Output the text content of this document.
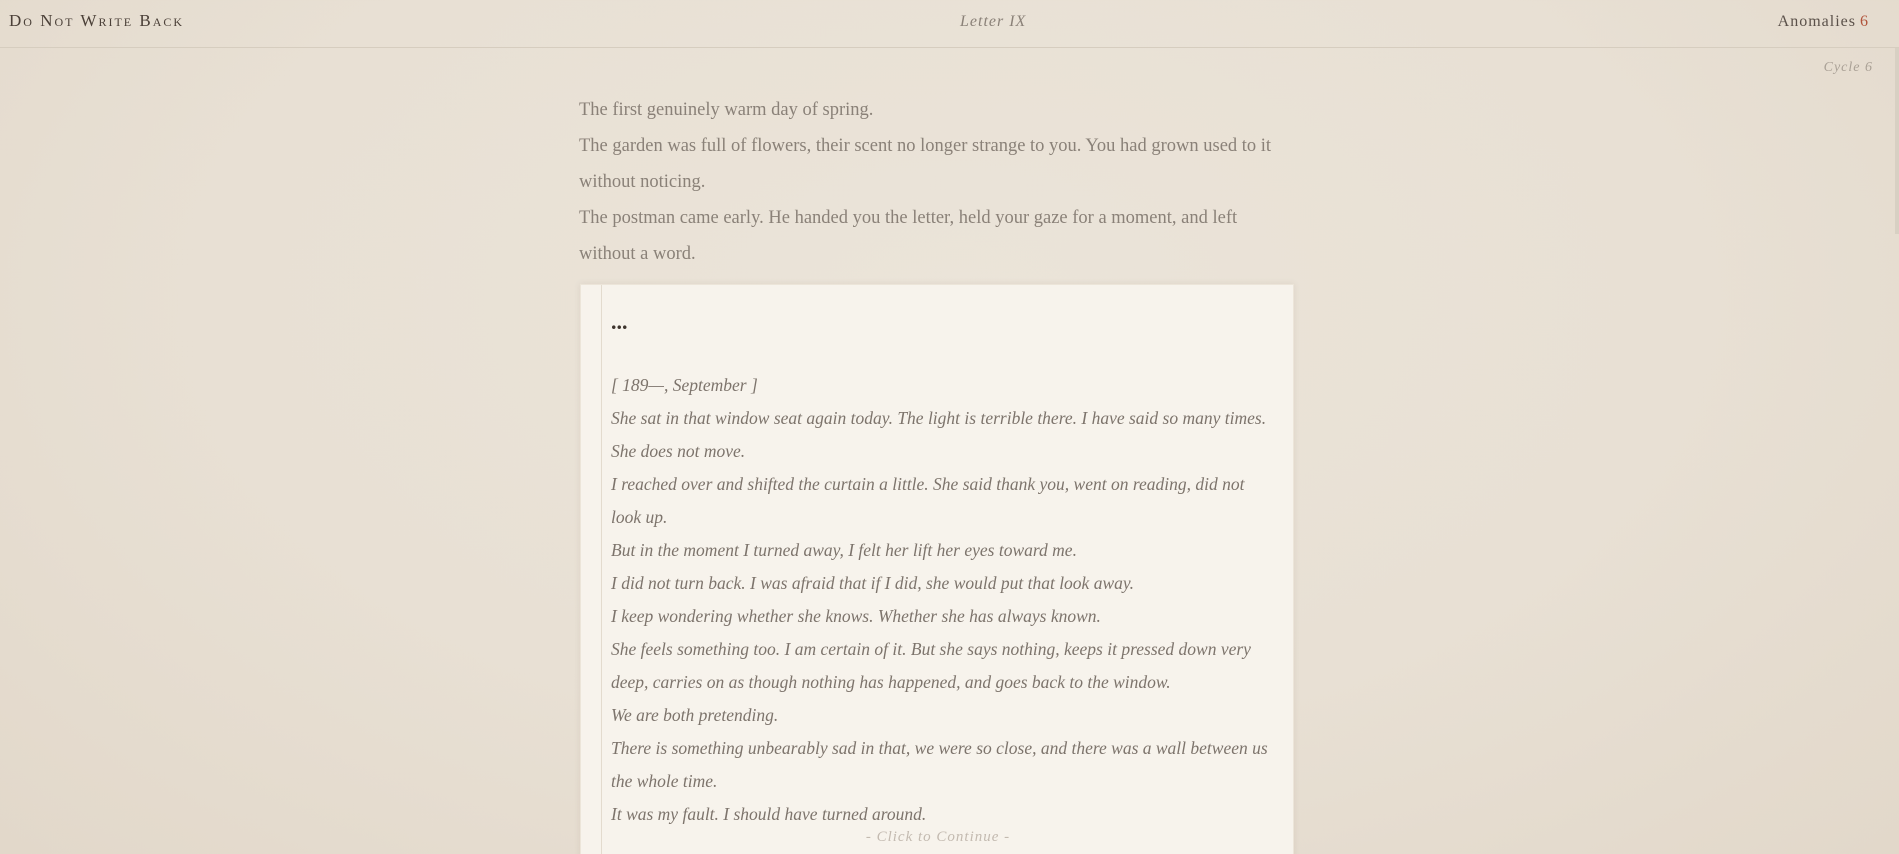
Do Not Write Back	Letter IX	Anomalies 6
Cycle 6

The first genuinely warm day of spring.

The garden was full of flowers, their scent no longer strange to you. You had grown used to it without noticing.

The postman came early. He handed you the letter, held your gaze for a moment, and left without a word.

...

[ 189—, September ]

She sat in that window seat again today. The light is terrible there. I have said so many times. She does not move.

I reached over and shifted the curtain a little. She said thank you, went on reading, did not look up.

But in the moment I turned away, I felt her lift her eyes toward me.

I did not turn back. I was afraid that if I did, she would put that look away.

I keep wondering whether she knows. Whether she has always known.

She feels something too. I am certain of it. But she says nothing, keeps it pressed down very deep, carries on as though nothing has happened, and goes back to the window.

We are both pretending.

There is something unbearably sad in that, we were so close, and there was a wall between us the whole time.

It was my fault. I should have turned around.

- Click to Continue -
